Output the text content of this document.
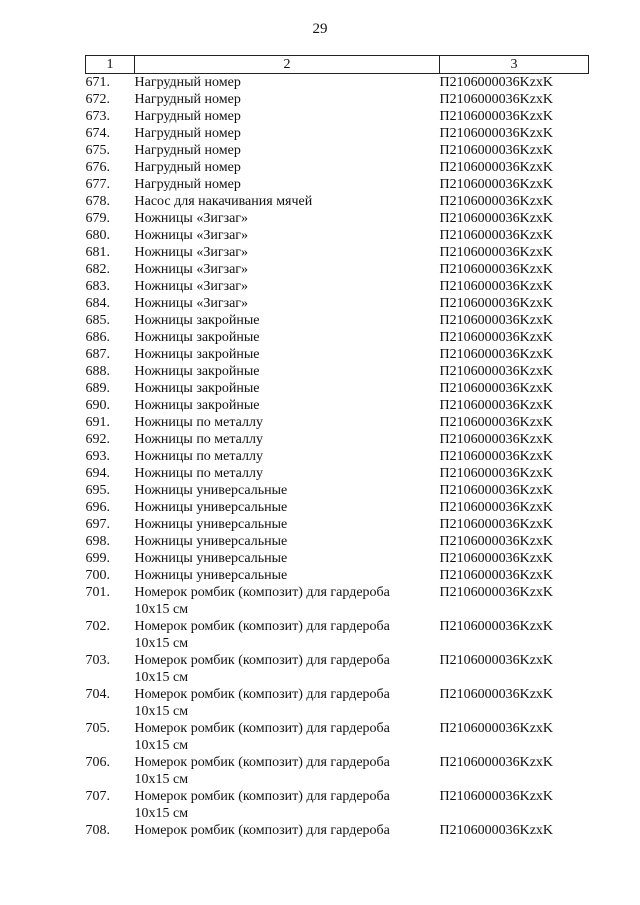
29
1	2	3
671.	Нагрудный номер	П2106000036KzxK
672.	Нагрудный номер	П2106000036KzxK
673.	Нагрудный номер	П2106000036KzxK
674.	Нагрудный номер	П2106000036KzxK
675.	Нагрудный номер	П2106000036KzxK
676.	Нагрудный номер	П2106000036KzxK
677.	Нагрудный номер	П2106000036KzxK
678.	Насос для накачивания мячей	П2106000036KzxK
679.	Ножницы «Зигзаг»	П2106000036KzxK
680.	Ножницы «Зигзаг»	П2106000036KzxK
681.	Ножницы «Зигзаг»	П2106000036KzxK
682.	Ножницы «Зигзаг»	П2106000036KzxK
683.	Ножницы «Зигзаг»	П2106000036KzxK
684.	Ножницы «Зигзаг»	П2106000036KzxK
685.	Ножницы закройные	П2106000036KzxK
686.	Ножницы закройные	П2106000036KzxK
687.	Ножницы закройные	П2106000036KzxK
688.	Ножницы закройные	П2106000036KzxK
689.	Ножницы закройные	П2106000036KzxK
690.	Ножницы закройные	П2106000036KzxK
691.	Ножницы по металлу	П2106000036KzxK
692.	Ножницы по металлу	П2106000036KzxK
693.	Ножницы по металлу	П2106000036KzxK
694.	Ножницы по металлу	П2106000036KzxK
695.	Ножницы универсальные	П2106000036KzxK
696.	Ножницы универсальные	П2106000036KzxK
697.	Ножницы универсальные	П2106000036KzxK
698.	Ножницы универсальные	П2106000036KzxK
699.	Ножницы универсальные	П2106000036KzxK
700.	Ножницы универсальные	П2106000036KzxK
701.	Номерок ромбик (композит) для гардероба
10x15 см	П2106000036KzxK
702.	Номерок ромбик (композит) для гардероба
10x15 см	П2106000036KzxK
703.	Номерок ромбик (композит) для гардероба
10x15 см	П2106000036KzxK
704.	Номерок ромбик (композит) для гардероба
10x15 см	П2106000036KzxK
705.	Номерок ромбик (композит) для гардероба
10x15 см	П2106000036KzxK
706.	Номерок ромбик (композит) для гардероба
10x15 см	П2106000036KzxK
707.	Номерок ромбик (композит) для гардероба
10x15 см	П2106000036KzxK
708.	Номерок ромбик (композит) для гардероба	П2106000036KzxK
